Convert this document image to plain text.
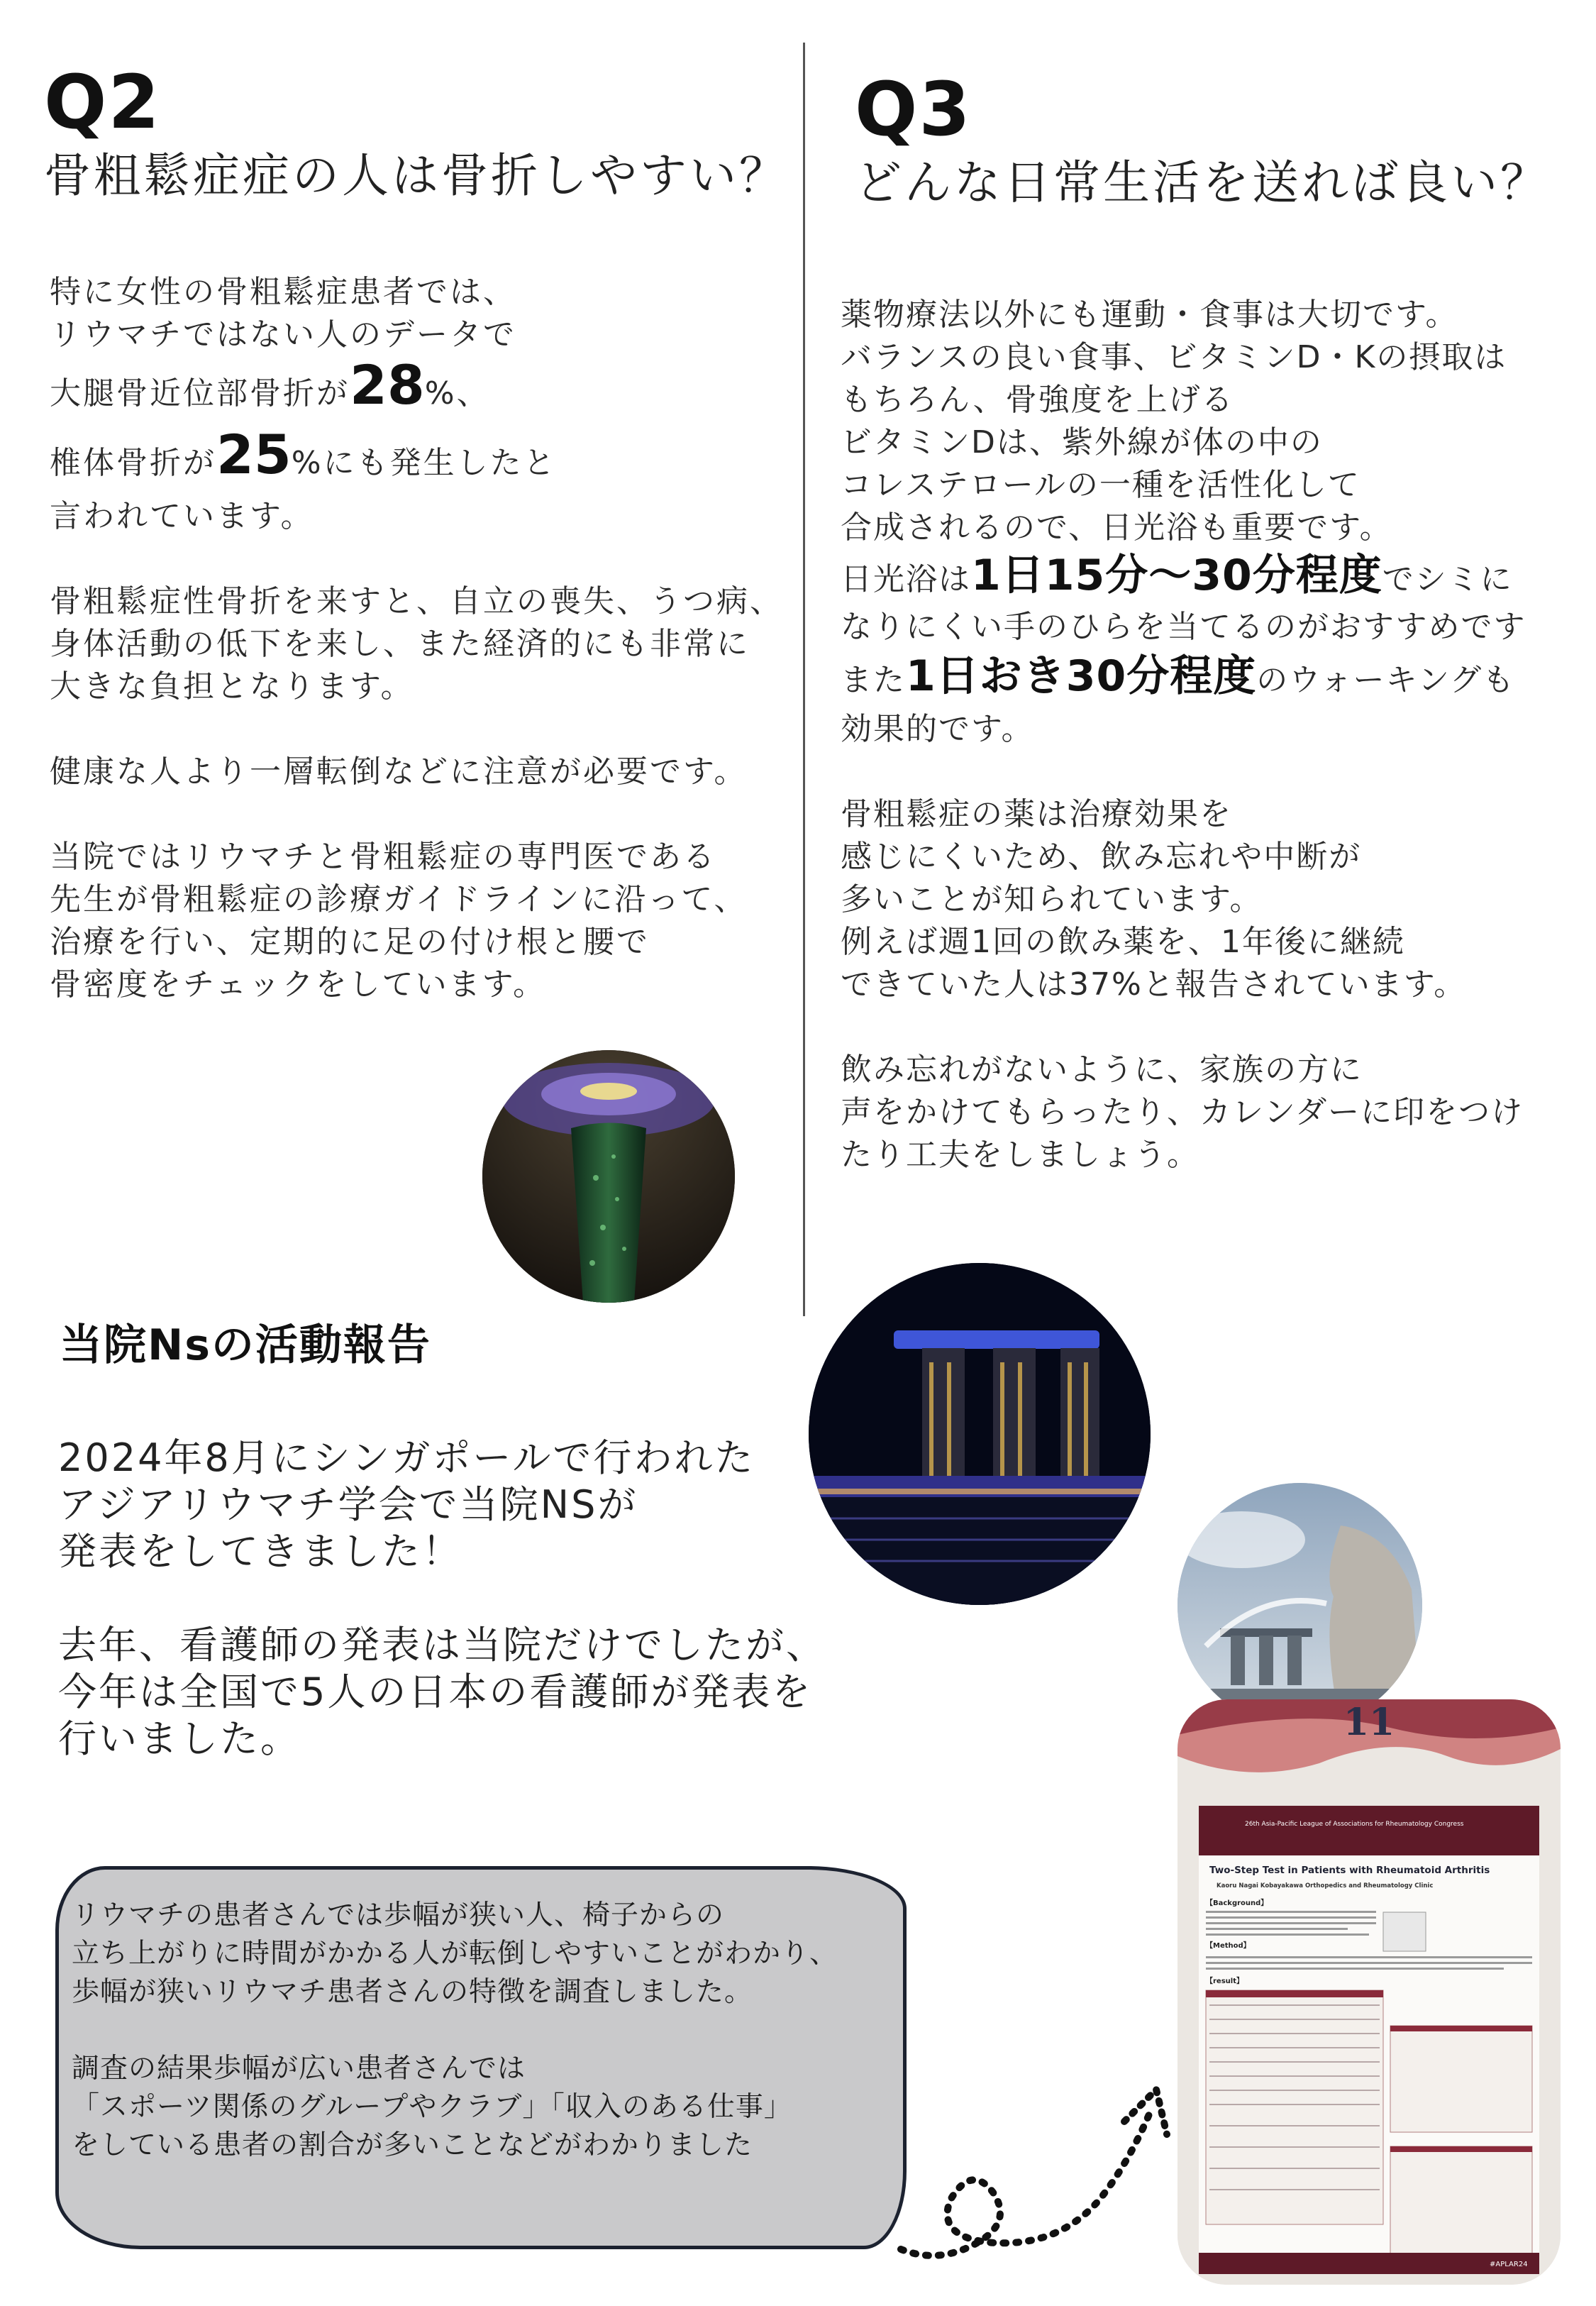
Q2
骨粗鬆症症の人は骨折しやすい？

特に女性の骨粗鬆症患者では、

リウマチではない人のデータで

大腿骨近位部骨折が28%、

椎体骨折が25%にも発生したと

言われています。

骨粗鬆症性骨折を来すと、自立の喪失、うつ病、

身体活動の低下を来し、また経済的にも非常に

大きな負担となります。

健康な人より一層転倒などに注意が必要です。

当院ではリウマチと骨粗鬆症の専門医である

先生が骨粗鬆症の診療ガイドラインに沿って、

治療を行い、定期的に足の付け根と腰で

骨密度をチェックをしています。

Q3
どんな日常生活を送れば良い？

薬物療法以外にも運動・食事は大切です。

バランスの良い食事、ビタミンD・Kの摂取は

もちろん、骨強度を上げる

ビタミンDは、紫外線が体の中の

コレステロールの一種を活性化して

合成されるので、日光浴も重要です。

日光浴は1日15分〜30分程度でシミに

なりにくい手のひらを当てるのがおすすめです

また1日おき30分程度のウォーキングも

効果的です。

骨粗鬆症の薬は治療効果を

感じにくいため、飲み忘れや中断が

多いことが知られています。

例えば週1回の飲み薬を、1年後に継続

できていた人は37%と報告されています。

飲み忘れがないように、家族の方に

声をかけてもらったり、カレンダーに印をつけ

たり工夫をしましょう。

当院Nsの活動報告

2024年8月にシンガポールで行われた

アジアリウマチ学会で当院NSが

発表をしてきました！

去年、看護師の発表は当院だけでしたが、

今年は全国で5人の日本の看護師が発表を

行いました。	11
26th Asia-Pacific League of Associations for Rheumatology Congress
Two-Step Test in Patients with Rheumatoid Arthritis
Kaoru Nagai Kobayakawa Orthopedics and Rheumatology Clinic
【Background】
【Method】
【result】
#APLAR24

リウマチの患者さんでは歩幅が狭い人、椅子からの

立ち上がりに時間がかかる人が転倒しやすいことがわかり、

歩幅が狭いリウマチ患者さんの特徴を調査しました。

調査の結果歩幅が広い患者さんでは

「スポーツ関係のグループやクラブ」「収入のある仕事」

をしている患者の割合が多いことなどがわかりました
